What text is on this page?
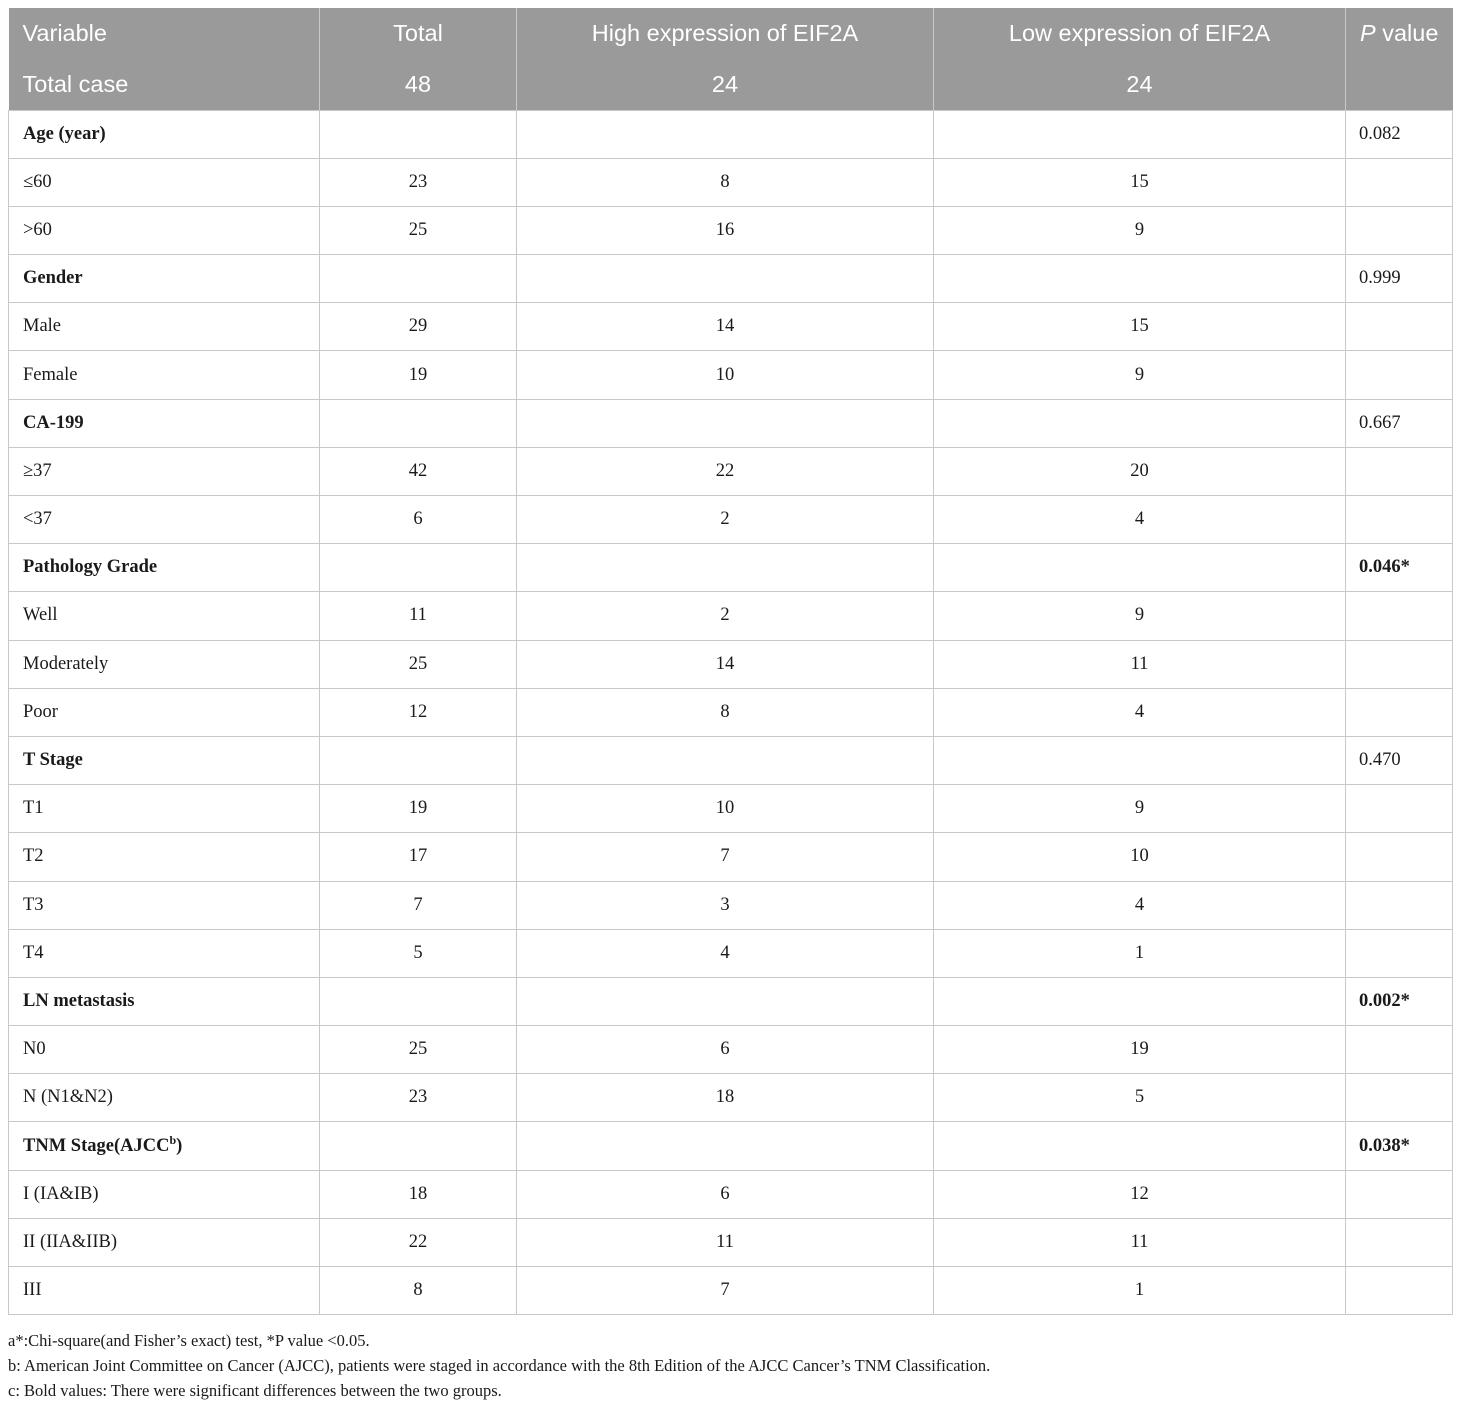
Variable	Total	High expression of EIF2A	Low expression of EIF2A	P value
Total case	48	24	24	
Age (year)				0.082
≤60	23	8	15	
>60	25	16	9	
Gender				0.999
Male	29	14	15	
Female	19	10	9	
CA-199				0.667
≥37	42	22	20	
<37	6	2	4	
Pathology Grade				0.046*
Well	11	2	9	
Moderately	25	14	11	
Poor	12	8	4	
T Stage				0.470
T1	19	10	9	
T2	17	7	10	
T3	7	3	4	
T4	5	4	1	
LN metastasis				0.002*
N0	25	6	19	
N (N1&N2)	23	18	5	
TNM Stage(AJCC$^b$)				0.038*
I (IA&IB)	18	6	12	
II (IIA&IIB)	22	11	11	
III	8	7	1	
a*:Chi-square(and Fisher’s exact) test, *P value <0.05.
b: American Joint Committee on Cancer (AJCC), patients were staged in accordance with the 8th Edition of the AJCC Cancer’s TNM Classification.
c: Bold values: There were significant differences between the two groups.
